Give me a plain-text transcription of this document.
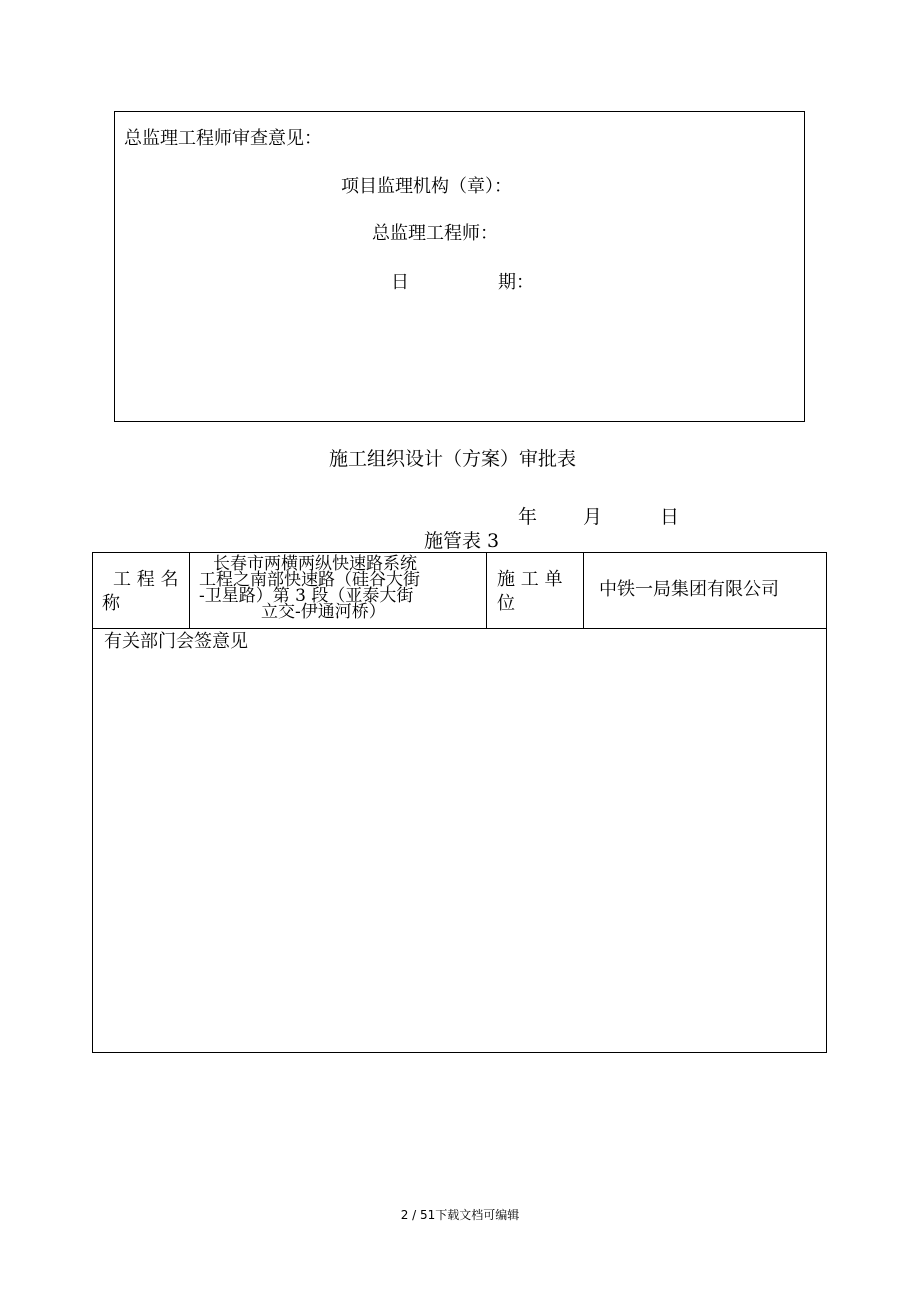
总监理工程师审查意见：
项目监理机构（章）：
总监理工程师：
日	期：
施工组织设计（方案）审批表
年 月	日
施管表 3
工 程 名
称
长春市两横两纵快速路系统
工程之南部快速路（硅谷大街
-卫星路）第 3 段（亚泰大街
立交-伊通河桥）
施 工 单
位
中铁一局集团有限公司
有关部门会签意见
2 / 51下载文档可编辑
